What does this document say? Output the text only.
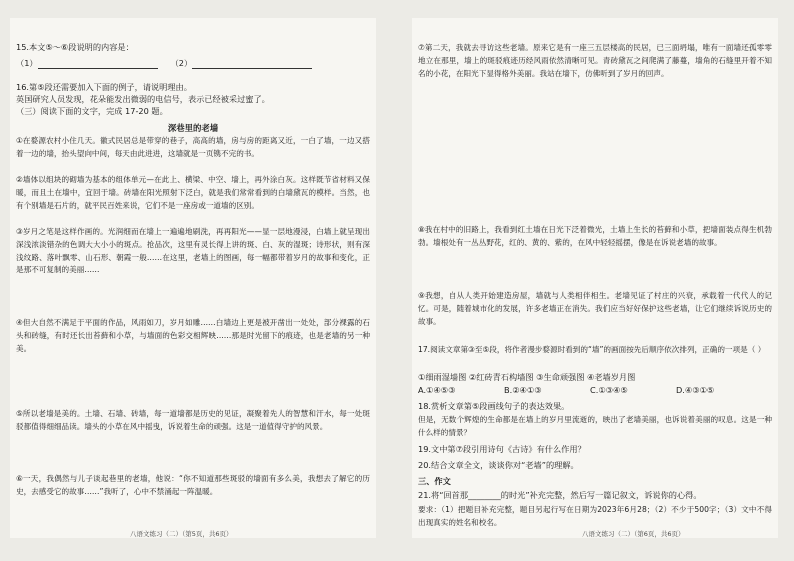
15.本文⑤～⑥段说明的内容是：
（1）	（2）
16.第⑤段还需要加入下面的例子，请说明理由。
英国研究人员发现，花朵能发出微弱的电信号，表示已经被采过蜜了。
（三）阅读下面的文字，完成 17-20 题。
深巷里的老墙
①在婺源农村小住几天。徽式民居总是带穿的巷子，高高的墙，房与房的距离又近，一白了墙，一边又搭着一边的墙，抬头望向中间，每天由此进进，这墙就是一页镌不完的书。
②墙体以组块的砌墙为基本的组体单元—在此上、横梁、中空、墙上，再外涂白灰。这样既节省材料又保暖，而且土在墙中，宜回于墙。砖墙在阳光照射下泛白，就是我们常常看到的白墙黛瓦的模样。当然，也有个别墙是石片的，就平民百姓来说，它们不是一座房或一道墙的区别。
③岁月之笔是这样作画的。光润细而在墙上一遍遍地刷洗，再再阳光——显一层地漫浸，白墙上就呈现出深浅浓淡错杂的色调大大小小的斑点。抢品次，这里有灵长得上讲的斑、白、灰的湿斑；诗形状，则有深浅纹路、落叶飘零、山石形、朝霞一般……在这里，老墙上的图画，每一幅都带着岁月的故事和变化，正是那不可复制的美丽……
④但大自然不满足于平面的作品，风雨如刀，岁月如雕……白墙边上更是被开凿出一处处，部分裸露的石头和砖缝，有时还长出苔藓和小草，与墙面的色彩交相辉映……那是时光留下的痕迹，也是老墙的另一种美。
⑤所以老墙是美的。土墙、石墙、砖墙，每一道墙都是历史的见证，凝聚着先人的智慧和汗水，每一处斑驳都值得细细品读。墙头的小草在风中摇曳，诉说着生命的顽强。这是一道值得守护的风景。
⑥一天，我偶然与儿子谈起巷里的老墙，他说：“你不知道那些斑驳的墙面有多么美，我想去了解它的历史，去感受它的故事……”我听了，心中不禁涌起一阵温暖。
八语文练习（二）（第5页，共6页）
⑦第二天，我就去寻访这些老墙。原来它是有一座三五层楼高的民居，已三面坍塌，唯有一面墙还孤零零地立在那里，墙上的斑驳痕迹历经风雨依然清晰可见。青砖黛瓦之间爬满了藤蔓，墙角的石缝里开着不知名的小花，在阳光下显得格外美丽。我站在墙下，仿佛听到了岁月的回声。
⑧我在村中的旧路上，我看到红土墙在日光下泛着微光，土墙上生长的苔藓和小草，把墙面装点得生机勃勃。墙根处有一丛丛野花，红的、黄的、紫的，在风中轻轻摇摆，像是在诉说老墙的故事。
⑨我想，自从人类开始建造房屋，墙就与人类相伴相生。老墙见证了村庄的兴衰，承载着一代代人的记忆。可是，随着城市化的发展，许多老墙正在消失。我们应当好好保护这些老墙，让它们继续诉说历史的故事。
17.阅读文章第③至⑤段，将作者漫步婺源时看到的“墙”的画面按先后顺序依次排列，正确的一项是（ ）
①细雨湿墙图 ②红砖青石构墙图 ③生命顽强图 ④老墙岁月图
A.①④⑤③	B.②④①③	C.①③④⑤	D.④③①⑤
18.赏析文章第⑤段画线句子的表达效果。
但是，无数个辉煌的生命都是在墙上的岁月里流逝的，映出了老墙美丽，也诉说着美丽的叹息。这是一种什么样的情景？
19.文中第⑦段引用诗句《古诗》有什么作用？
20.结合文章全文，谈谈你对“老墙”的理解。
三、作文
21.将“回首那________的时光”补充完整，然后写一篇记叙文，诉说你的心得。
要求：（1）把题目补充完整，题目另起行写在日期为2023年6月28；（2）不少于500字；（3）文中不得出现真实的姓名和校名。
八语文练习（二）（第6页，共6页）
